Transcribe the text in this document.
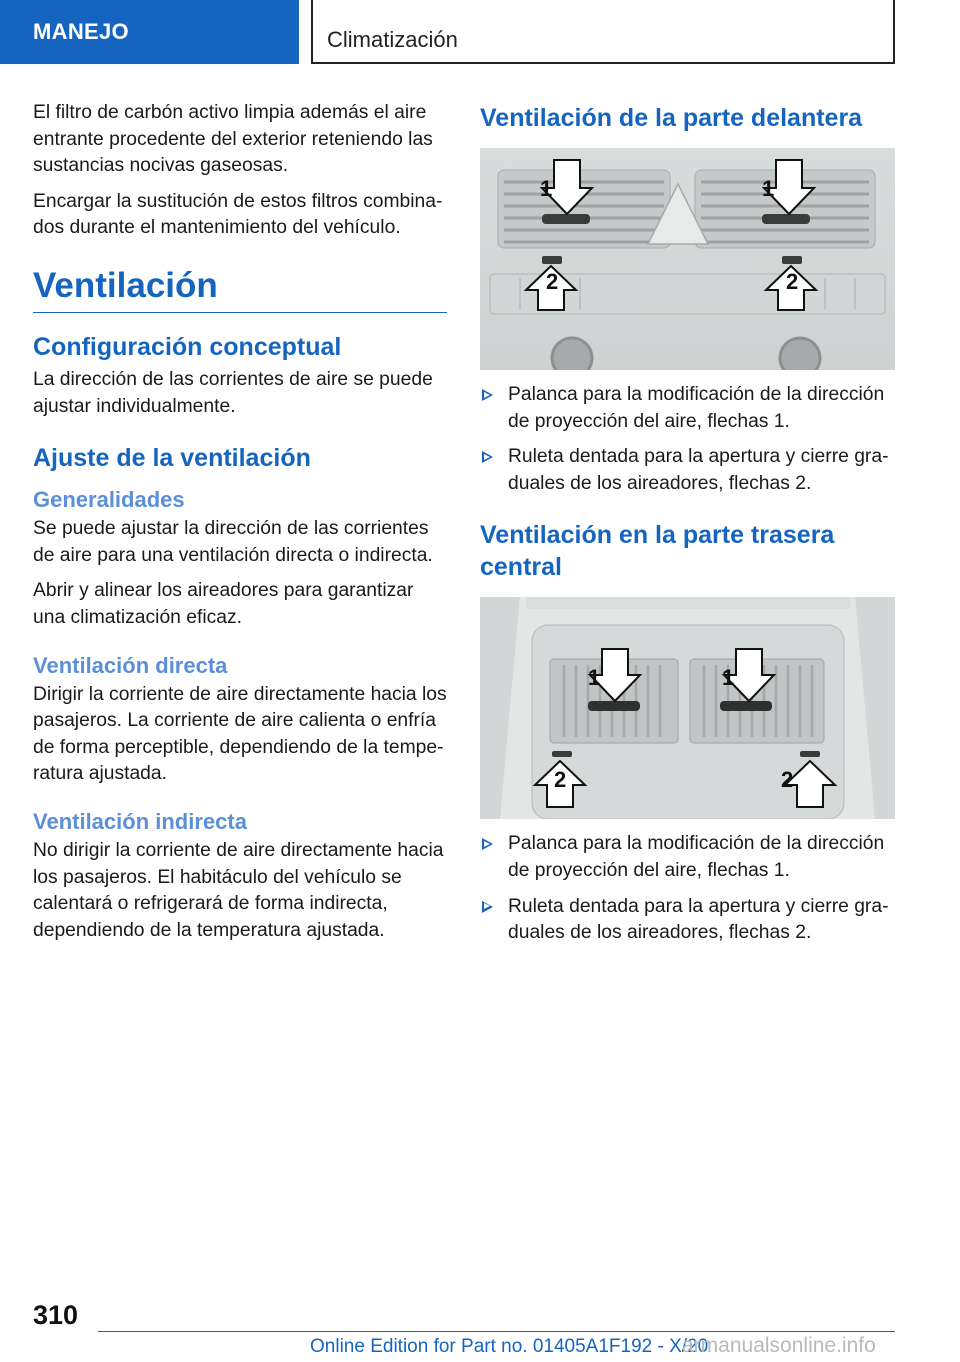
MANEJO	Climatización

El filtro de carbón activo limpia además el aire entrante procedente del exterior reteniendo las sustancias nocivas gaseosas.

Encargar la sustitución de estos filtros combinados durante el mantenimiento del vehículo.

Ventilación
Configuración conceptual

La dirección de las corrientes de aire se puede ajustar individualmente.

Ajuste de la ventilación
Generalidades

Se puede ajustar la dirección de las corrientes de aire para una ventilación directa o indirecta.

Abrir y alinear los aireadores para garantizar una climatización eficaz.

Ventilación directa

Dirigir la corriente de aire directamente hacia los pasajeros. La corriente de aire calienta o enfría de forma perceptible, dependiendo de la temperatura ajustada.

Ventilación indirecta

No dirigir la corriente de aire directamente hacia los pasajeros. El habitáculo del vehículo se calentará o refrigerará de forma indirecta, dependiendo de la temperatura ajustada.

Ventilación de la parte delantera
1	1
2	2
Palanca para la modificación de la dirección de proyección del aire, flechas 1.
Ruleta dentada para la apertura y cierre graduales de los aireadores, flechas 2.
Ventilación en la parte trasera central
1	1
2	2
Palanca para la modificación de la dirección de proyección del aire, flechas 1.
Ruleta dentada para la apertura y cierre graduales de los aireadores, flechas 2.
310
Online Edition for Part no. 01405A1F192 - X/20
armanualsonline.info
